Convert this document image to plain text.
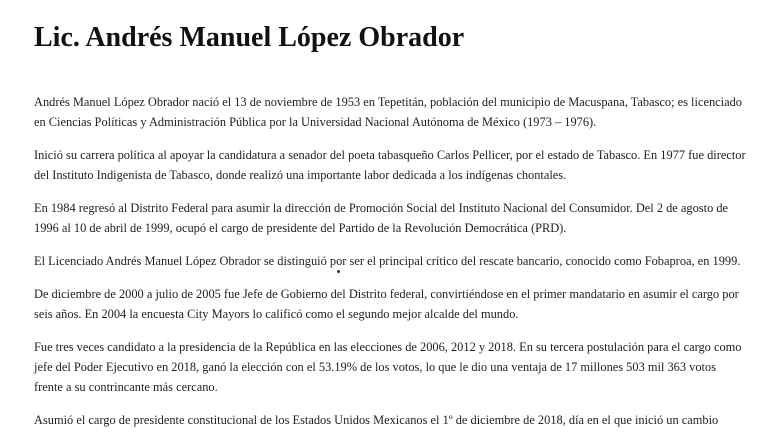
Lic. Andrés Manuel López Obrador

Andrés Manuel López Obrador nació el 13 de noviembre de 1953 en Tepetitán, población del municipio de Macuspana, Tabasco; es licenciado en Ciencias Políticas y Administración Pública por la Universidad Nacional Autónoma de México (1973 – 1976).

Inició su carrera política al apoyar la candidatura a senador del poeta tabasqueño Carlos Pellicer, por el estado de Tabasco. En 1977 fue director del Instituto Indigenista de Tabasco, donde realizó una importante labor dedicada a los indígenas chontales.

En 1984 regresó al Distrito Federal para asumir la dirección de Promoción Social del Instituto Nacional del Consumidor. Del 2 de agosto de 1996 al 10 de abril de 1999, ocupó el cargo de presidente del Partido de la Revolución Democrática (PRD).

El Licenciado Andrés Manuel López Obrador se distinguió por ser el principal crítico del rescate bancario, conocido como Fobaproa, en 1999.

De diciembre de 2000 a julio de 2005 fue Jefe de Gobierno del Distrito federal, convirtiéndose en el primer mandatario en asumir el cargo por seis años. En 2004 la encuesta City Mayors lo calificó como el segundo mejor alcalde del mundo.

Fue tres veces candidato a la presidencia de la República en las elecciones de 2006, 2012 y 2018. En su tercera postulación para el cargo como jefe del Poder Ejecutivo en 2018, ganó la elección con el 53.19% de los votos, lo que le dio una ventaja de 17 millones 503 mil 363 votos frente a su contrincante más cercano.

Asumió el cargo de presidente constitucional de los Estados Unidos Mexicanos el 1º de diciembre de 2018, día en el que inició un cambio
